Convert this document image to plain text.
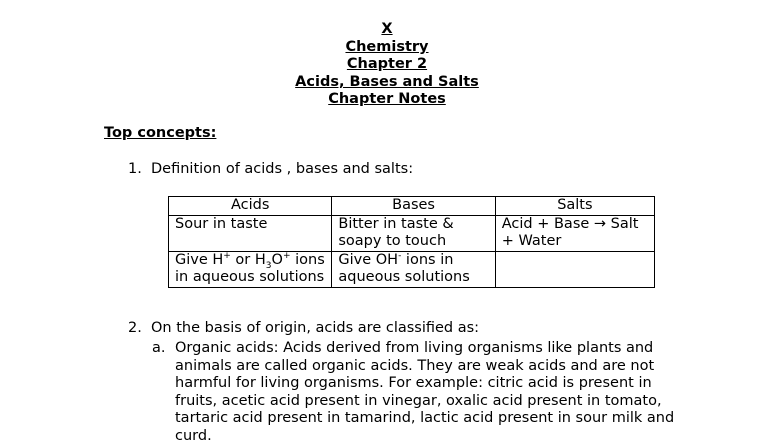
X
Chemistry
Chapter 2
Acids, Bases and Salts
Chapter Notes
Top concepts:
1. Definition of acids , bases and salts:
Acids	Bases	Salts
Sour in taste	Bitter in taste & soapy to touch	Acid + Base → Salt + Water
Give H+ or $H_3O^+$ ions in aqueous solutions	Give OH- ions in aqueous solutions	
2. On the basis of origin, acids are classified as:
a. Organic acids: Acids derived from living organisms like plants and animals are called organic acids. They are weak acids and are not harmful for living organisms. For example: citric acid is present in fruits, acetic acid present in vinegar, oxalic acid present in tomato, tartaric acid present in tamarind, lactic acid present in sour milk and curd.
